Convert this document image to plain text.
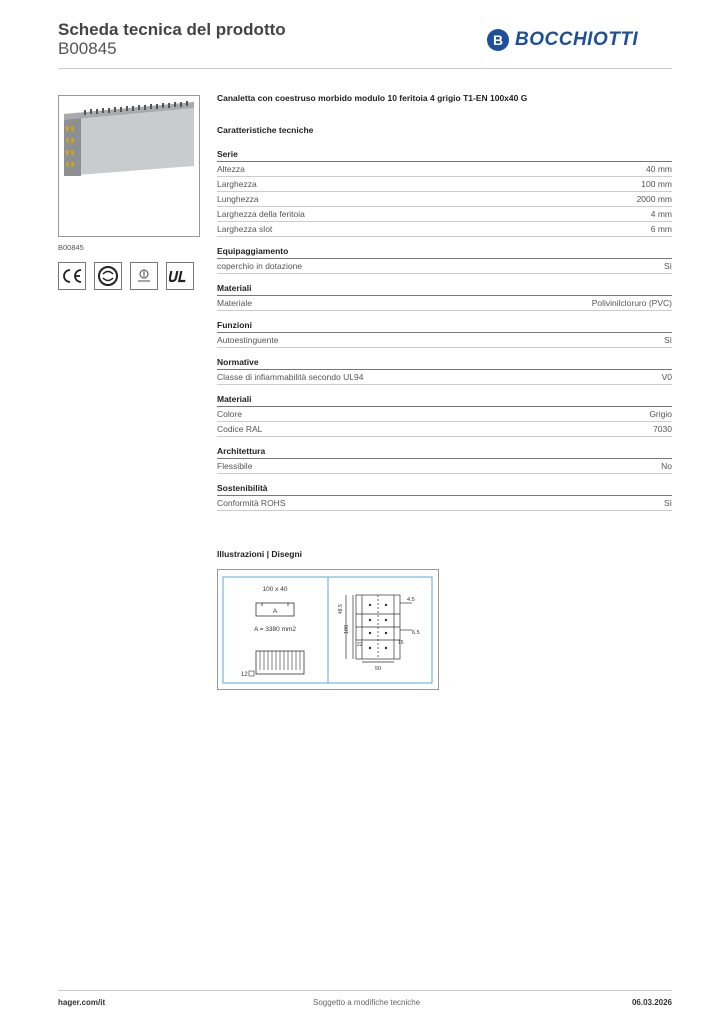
Scheda tecnica del prodotto
B00845	B BOCCHIOTTI
B00845
Canaletta con coestruso morbido modulo 10 feritoia 4 grigio T1-EN 100x40 G
Caratteristiche tecniche
Serie
Altezza	40 mm
Larghezza	100 mm
Lunghezza	2000 mm
Larghezza della feritoia	4 mm
Larghezza slot	6 mm
Equipaggiamento
coperchio in dotazione	Sì
Materiali
Materiale	Polivinilcloruro (PVC)
Funzioni
Autoestinguente	Sì
Normative
Classe di infiammabilità secondo UL94	V0
Materiali
Colore	Grigio
Codice RAL	7030
Architettura
Flessibile	No
Sostenibilità
Conformità ROHS	Sì
Illustrazioni | Disegni
100 x 40
A
A = 3380 mm2
12
4.5
6.5
15
48.5
100
22
50
hager.com/it	Soggetto a modifiche tecniche	06.03.2026
